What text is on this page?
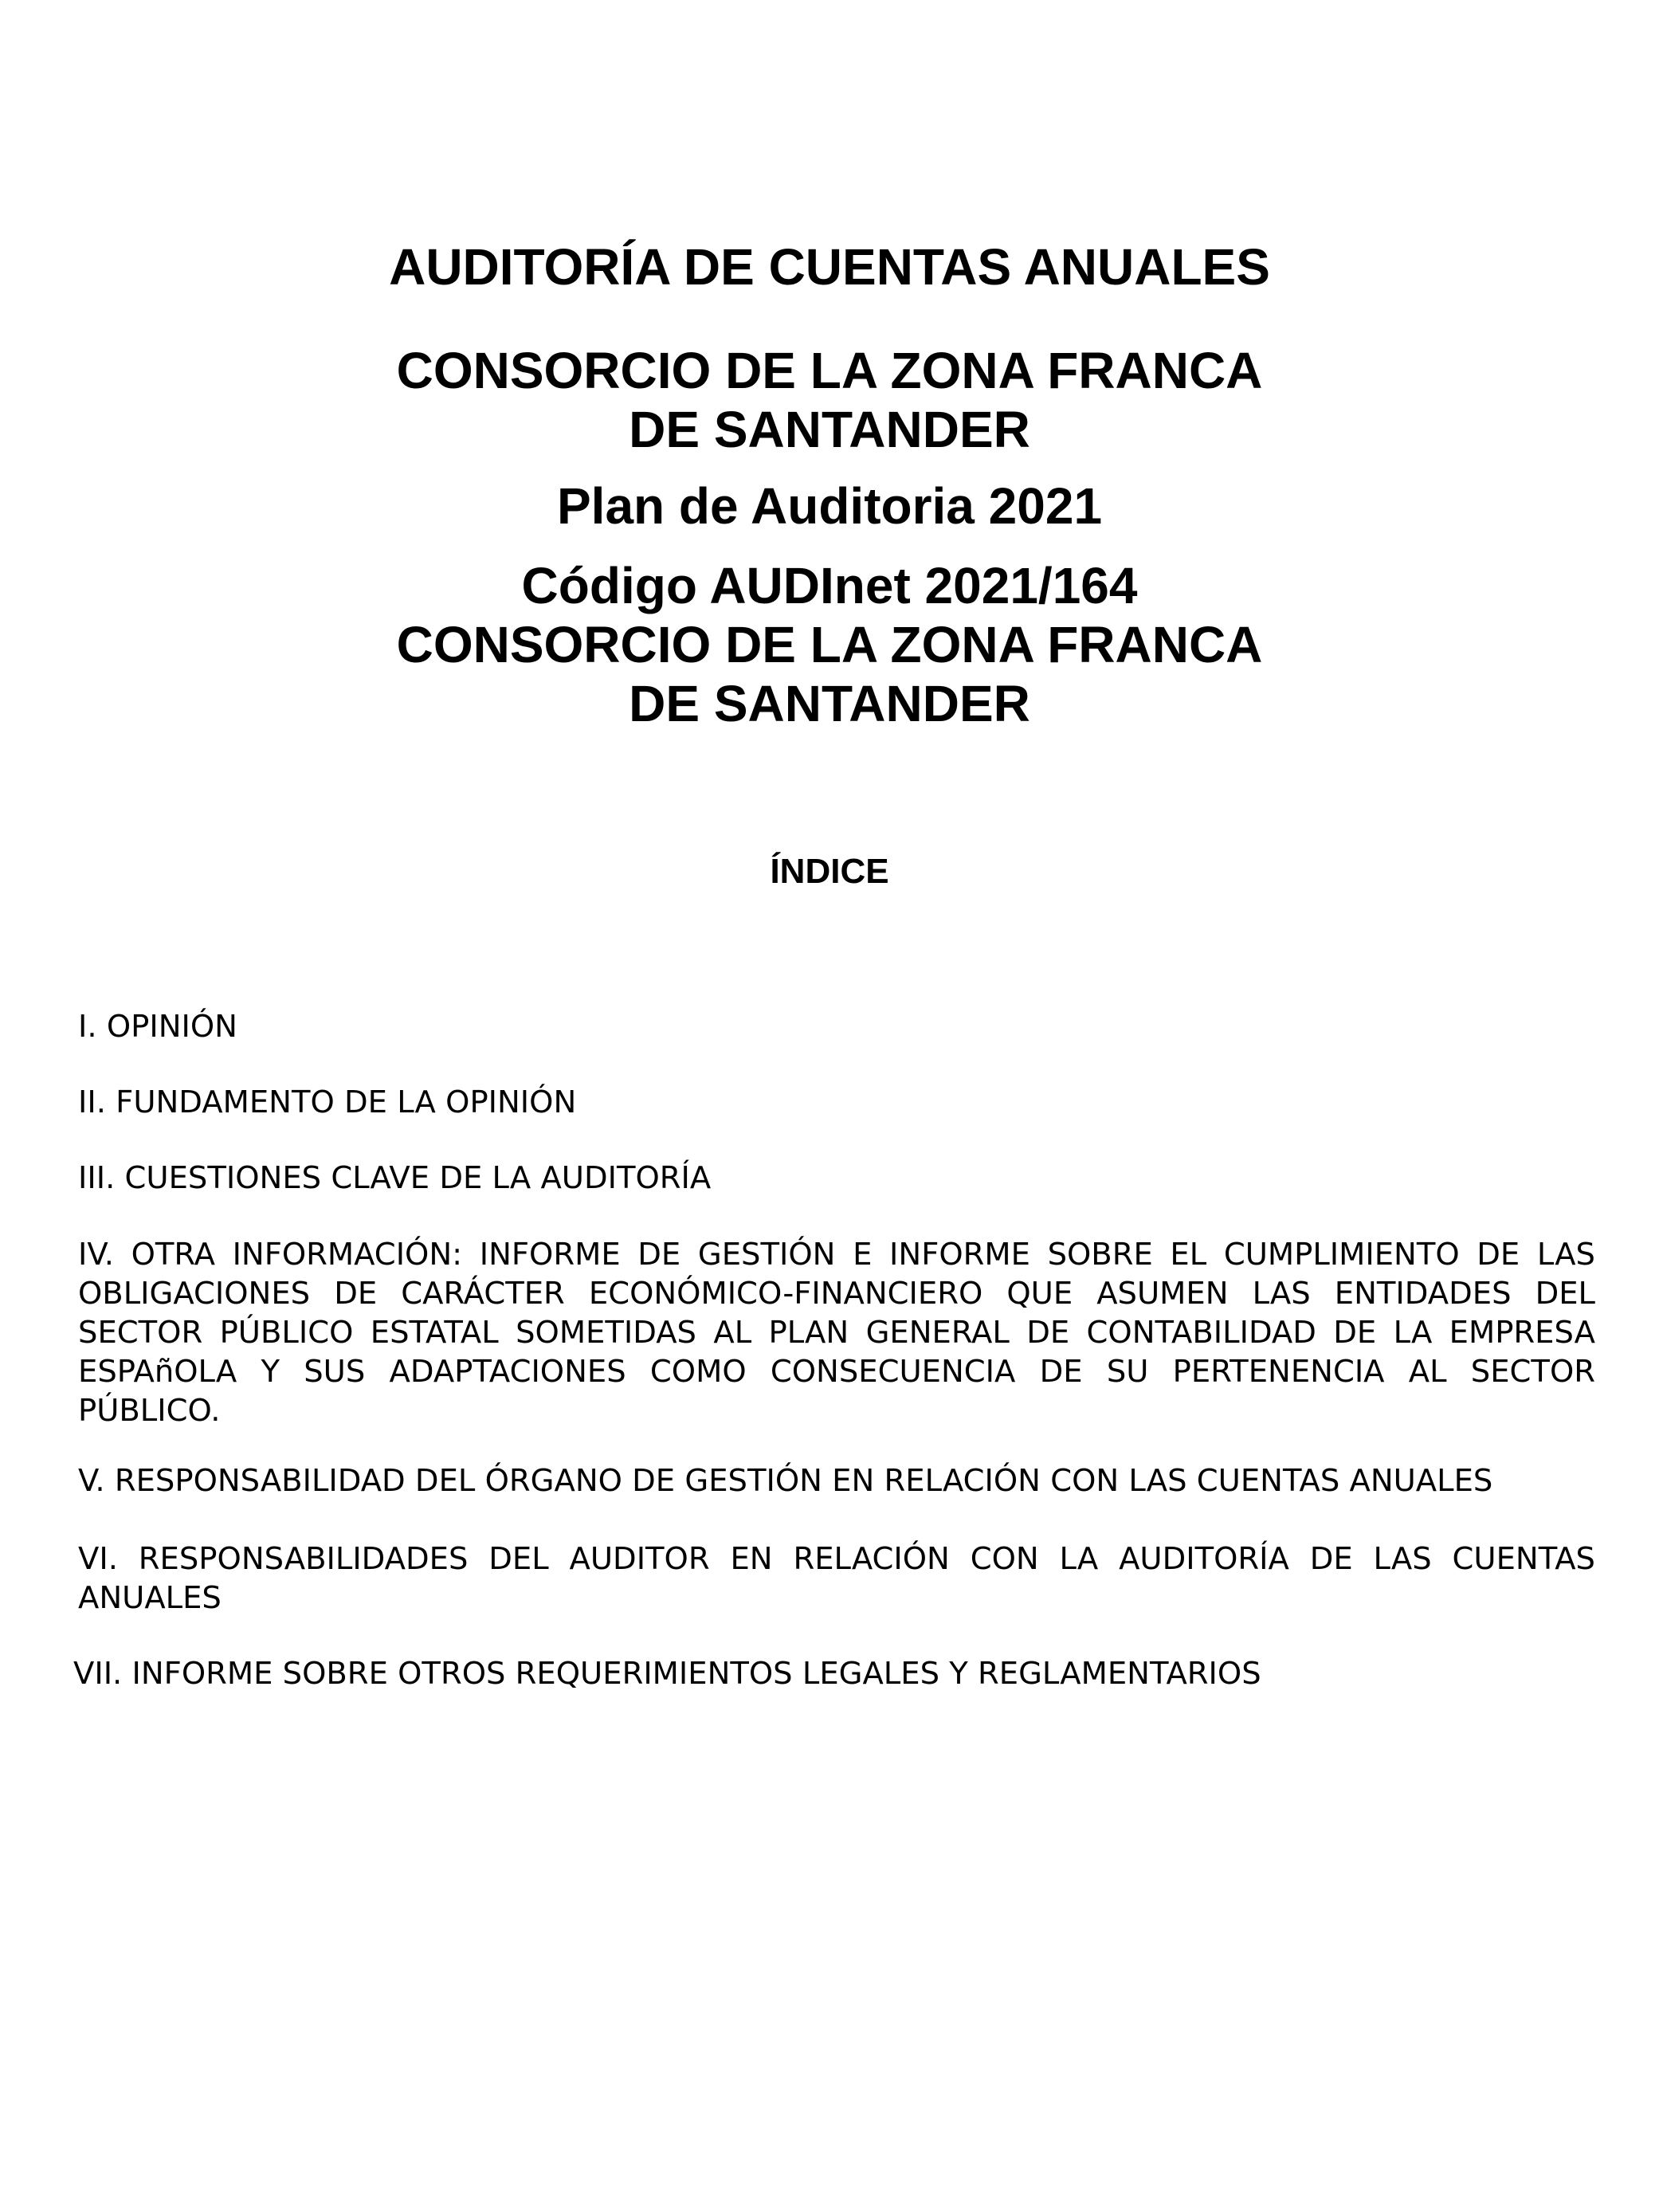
AUDITORÍA DE CUENTAS ANUALES
CONSORCIO DE LA ZONA FRANCA
DE SANTANDER
Plan de Auditoria 2021
Código AUDInet 2021/164
CONSORCIO DE LA ZONA FRANCA
DE SANTANDER
ÍNDICE
I. OPINIÓN
II. FUNDAMENTO DE LA OPINIÓN
III. CUESTIONES CLAVE DE LA AUDITORÍA
IV. OTRA INFORMACIÓN: INFORME DE GESTIÓN E INFORME SOBRE EL CUMPLIMIENTO DE LAS OBLIGACIONES DE CARÁCTER ECONÓMICO-FINANCIERO QUE ASUMEN LAS ENTIDADES DEL SECTOR PÚBLICO ESTATAL SOMETIDAS AL PLAN GENERAL DE CONTABILIDAD DE LA EMPRESA ESPAñOLA Y SUS ADAPTACIONES COMO CONSECUENCIA DE SU PERTENENCIA AL SECTOR PÚBLICO.
V. RESPONSABILIDAD DEL ÓRGANO DE GESTIÓN EN RELACIÓN CON LAS CUENTAS ANUALES
VI. RESPONSABILIDADES DEL AUDITOR EN RELACIÓN CON LA AUDITORÍA DE LAS CUENTAS ANUALES
VII. INFORME SOBRE OTROS REQUERIMIENTOS LEGALES Y REGLAMENTARIOS
